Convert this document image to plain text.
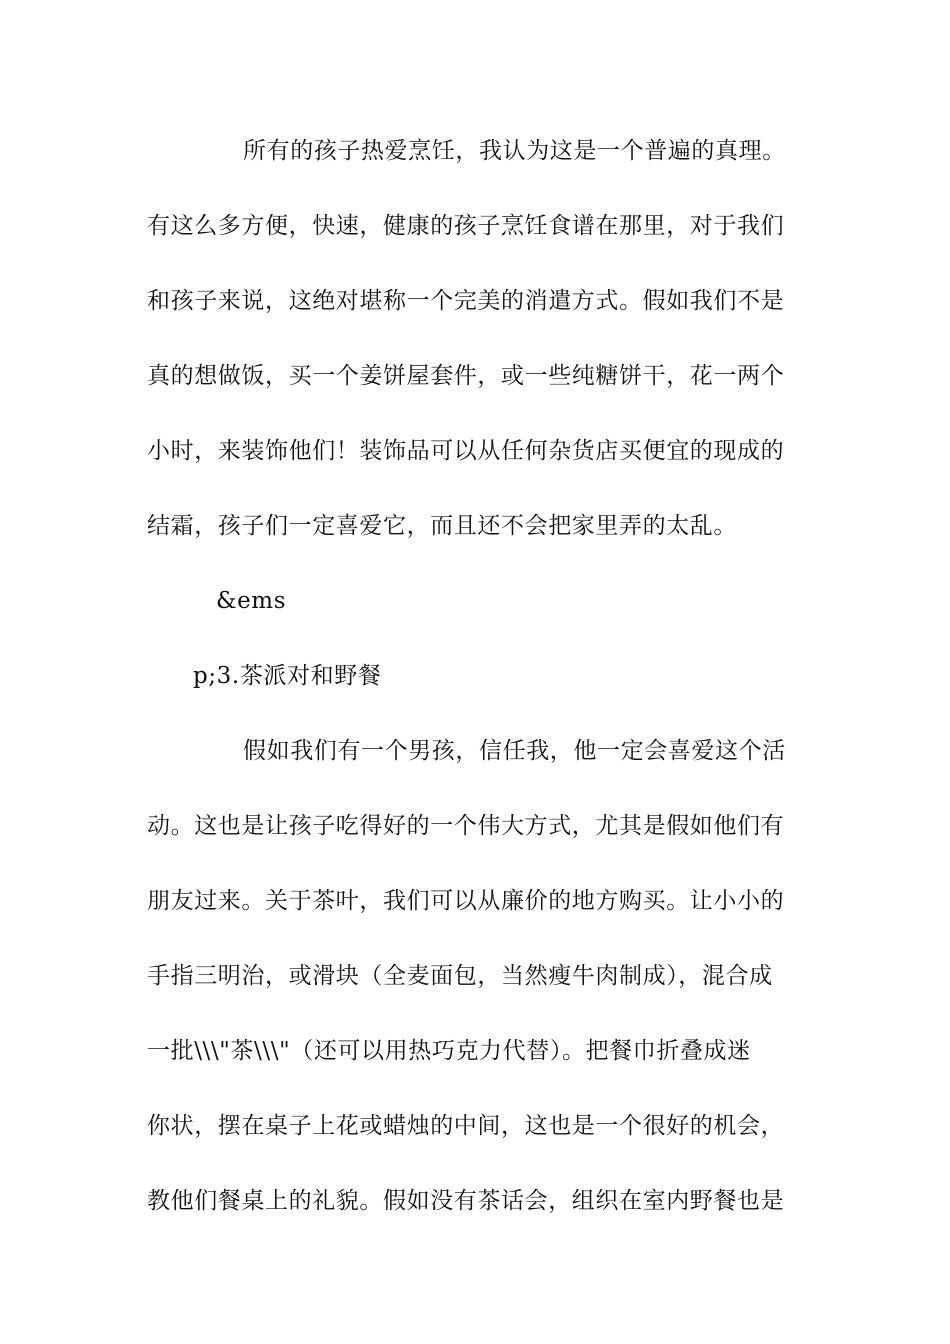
所有的孩子热爱烹饪，我认为这是一个普遍的真理。
有这么多方便，快速，健康的孩子烹饪食谱在那里，对于我们
和孩子来说，这绝对堪称一个完美的消遣方式。假如我们不是
真的想做饭，买一个姜饼屋套件，或一些纯糖饼干，花一两个
小时，来装饰他们！装饰品可以从任何杂货店买便宜的现成的
结霜，孩子们一定喜爱它，而且还不会把家里弄的太乱。
&ems
p;3.茶派对和野餐
假如我们有一个男孩，信任我，他一定会喜爱这个活
动。这也是让孩子吃得好的一个伟大方式，尤其是假如他们有
朋友过来。关于茶叶，我们可以从廉价的地方购买。让小小的
手指三明治，或滑块（全麦面包，当然瘦牛肉制成），混合成
一批\\\"茶\\\"（还可以用热巧克力代替）。把餐巾折叠成迷
你状，摆在桌子上花或蜡烛的中间，这也是一个很好的机会，
教他们餐桌上的礼貌。假如没有茶话会，组织在室内野餐也是
